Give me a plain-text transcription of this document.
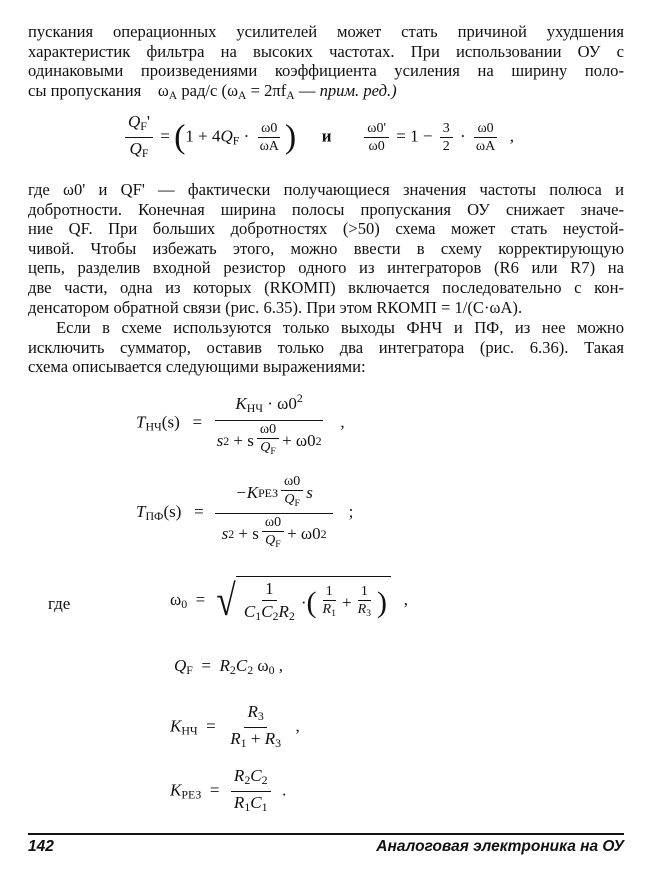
пускания операционных усилителей может стать причиной ухудшения
характеристик фильтра на высоких частотах. При использовании ОУ с
одинаковыми произведениями коэффициента усиления на ширину поло-
сы пропускания $\omega_A$ рад/с ($\omega_A = 2\pi f_A$ — прим. ред.)
$\frac{Q_F'}{Q_F} = (1 + 4Q_F \cdot \frac{\omega 0}{\omega A}$ ) и $\frac{\omega 0'}{\omega 0} = 1 - \frac{3}{2} \cdot \frac{\omega 0}{\omega A}$ ,
где ω0' и QF' — фактически получающиеся значения частоты полюса и
добротности. Конечная ширина полосы пропускания ОУ снижает значе-
ние QF. При больших добротностях (>50) схема может стать неустой-
чивой. Чтобы избежать этого, можно ввести в схему корректирующую
цепь, разделив входной резистор одного из интеграторов (R6 или R7) на
две части, одна из которых (RКОМП) включается последовательно с кон-
денсатором обратной связи (рис. 6.35). При этом RКОМП = 1/(C·ωA).
Если в схеме используются только выходы ФНЧ и ПФ, из нее можно
исключить сумматор, оставив только два интегратора (рис. 6.36). Такая
схема описывается следующими выражениями:
$T_{НЧ}(s) = K_{НЧ} \cdot \omega 0^2$
s 2
+ s $\frac{\omega 0}{Q_F} + \omega 0$ 2 ,
$T_{ПФ}(s) = -K$ РЕЗ $\frac{\omega 0}{Q_F}$ s
s 2
+ s $\frac{\omega 0}{Q_F} + \omega 0$ 2 ;
где	$\omega_0$ = √ $\frac{1}{C_1C_2R_2}$ · ( $\frac{1}{R_1} + \frac{1}{R_3}$ ) ,
$Q_F = R_2C_2$ $\omega_0$ ,
$K_{НЧ} = \frac{R_3}{R_1 + R_3}$ ,
$K_{РЕЗ} = \frac{R_2C_2}{R_1C_1}$ .
142	Аналоговая электроника на ОУ
